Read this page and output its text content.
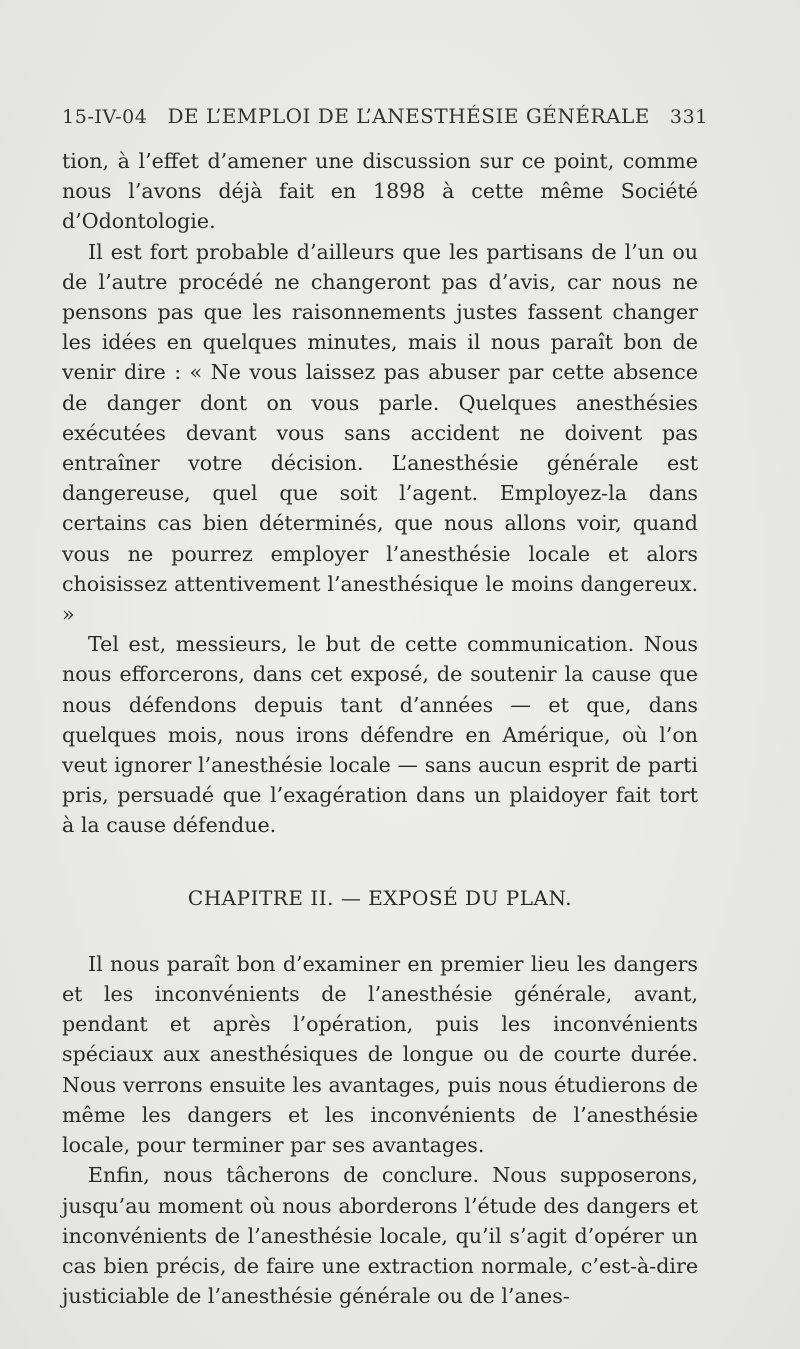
15-IV-04 DE L’EMPLOI DE L’ANESTHÉSIE GÉNÉRALE 331

tion, à l’effet d’amener une discussion sur ce point, comme nous l’avons déjà fait en 1898 à cette même Société d’Odontologie.

Il est fort probable d’ailleurs que les partisans de l’un ou de l’autre procédé ne changeront pas d’avis, car nous ne pensons pas que les raisonnements justes fassent changer les idées en quelques minutes, mais il nous paraît bon de venir dire : « Ne vous laissez pas abuser par cette absence de danger dont on vous parle. Quelques anesthésies exécutées devant vous sans accident ne doivent pas entraîner votre décision. L’anesthésie générale est dangereuse, quel que soit l’agent. Employez-la dans certains cas bien déterminés, que nous allons voir, quand vous ne pourrez employer l’anesthésie locale et alors choisissez attentivement l’anesthésique le moins dangereux. »

Tel est, messieurs, le but de cette communication. Nous nous efforcerons, dans cet exposé, de soutenir la cause que nous défendons depuis tant d’années — et que, dans quelques mois, nous irons défendre en Amérique, où l’on veut ignorer l’anesthésie locale — sans aucun esprit de parti pris, persuadé que l’exagération dans un plaidoyer fait tort à la cause défendue.

CHAPITRE II. — EXPOSÉ DU PLAN.

Il nous paraît bon d’examiner en premier lieu les dangers et les inconvénients de l’anesthésie générale, avant, pendant et après l’opération, puis les inconvénients spéciaux aux anesthésiques de longue ou de courte durée. Nous verrons ensuite les avantages, puis nous étudierons de même les dangers et les inconvénients de l’anesthésie locale, pour terminer par ses avantages.

Enfin, nous tâcherons de conclure. Nous supposerons, jusqu’au moment où nous aborderons l’étude des dangers et inconvénients de l’anesthésie locale, qu’il s’agit d’opérer un cas bien précis, de faire une extraction normale, c’est-à-dire justiciable de l’anesthésie générale ou de l’anes-
